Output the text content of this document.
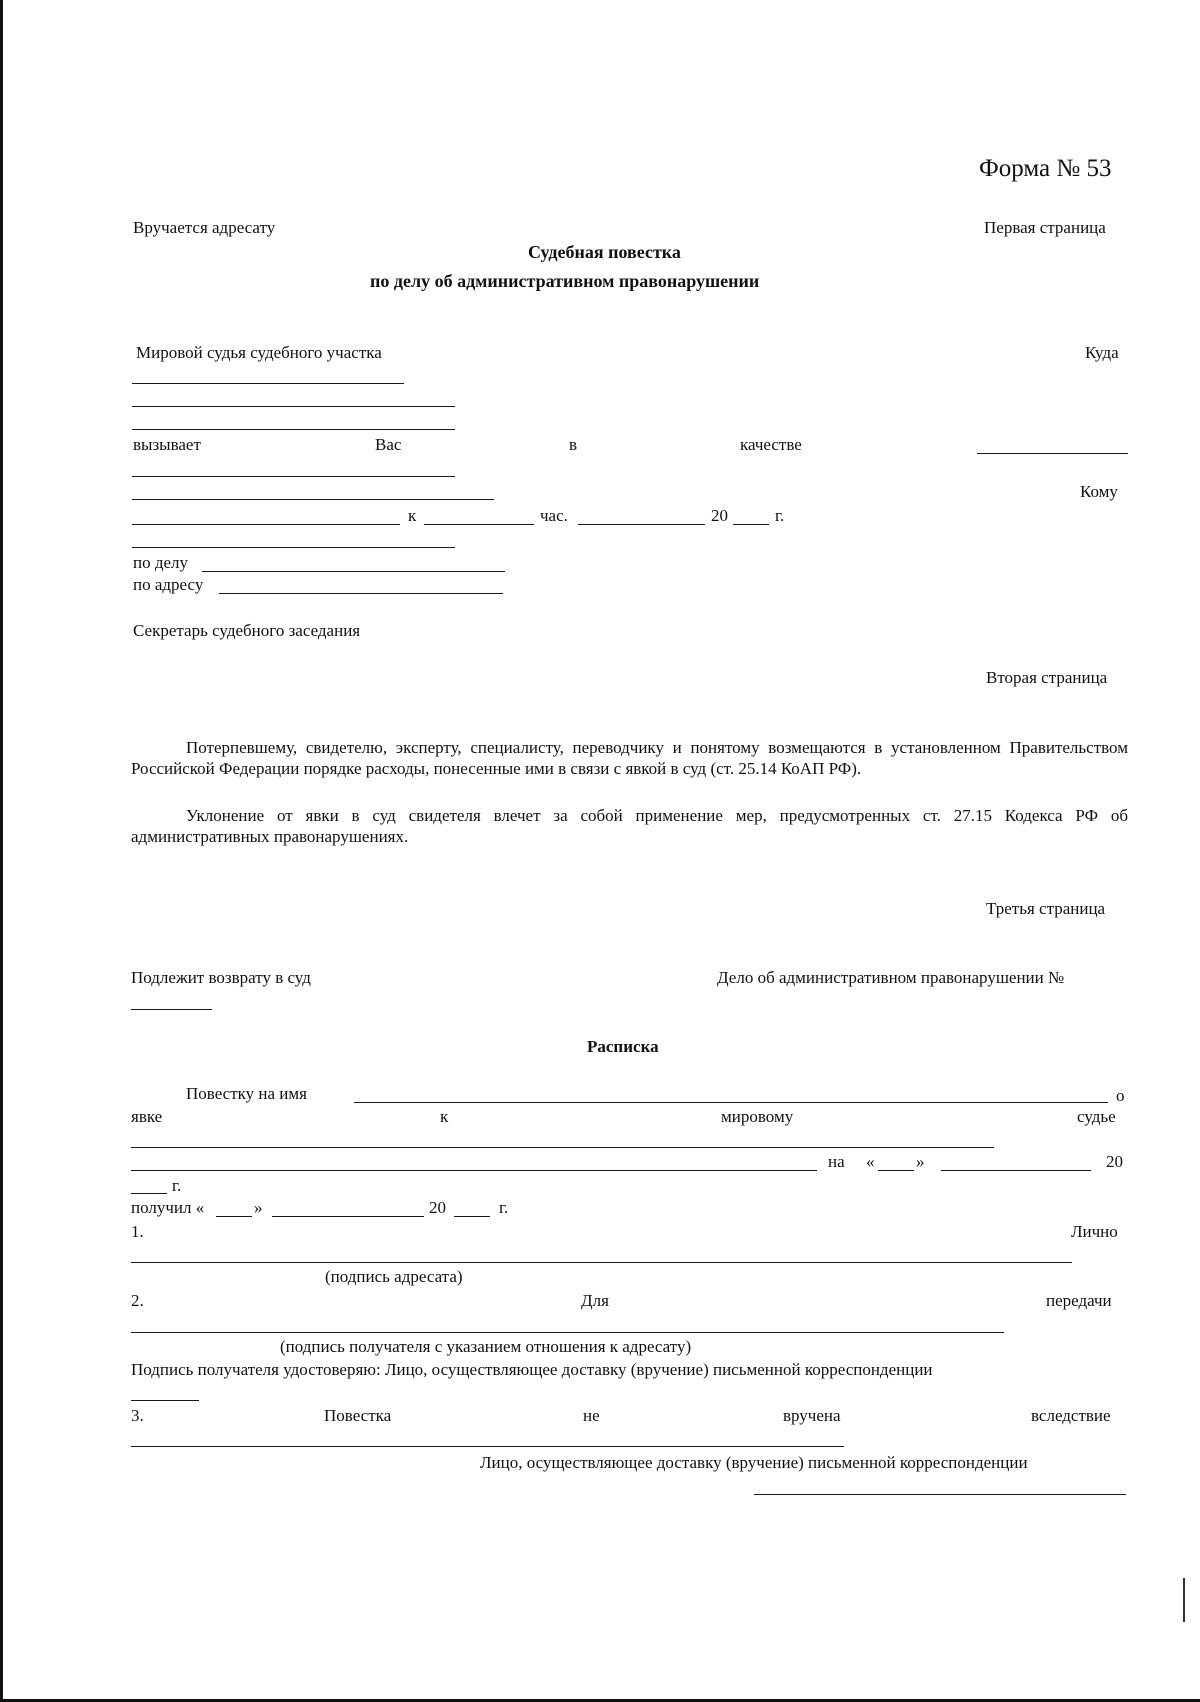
Форма № 53
Вручается адресату	Первая страница
Судебная повестка
по делу об административном правонарушении
Мировой судья судебного участка	Куда
вызывает	Вас	в	качестве
Кому
к	час.	20	г.
по делу
по адресу
Секретарь судебного заседания
Вторая страница
Потерпевшему, свидетелю, эксперту, специалисту, переводчику и понятому возмещаются в установленном Правительством Российской Федерации порядке расходы, понесенные ими в связи с явкой в суд (ст. 25.14 КоАП РФ).
Уклонение от явки в суд свидетеля влечет за собой применение мер, предусмотренных ст. 27.15 Кодекса РФ об административных правонарушениях.
Третья страница
Подлежит возврату в суд	Дело об административном правонарушении №
Расписка
Повестку на имя	о
явке	к	мировому	судье
на « »	20
г.
получил «	»	20	г.
1.	Лично
(подпись адресата)
2.	Для	передачи
(подпись получателя с указанием отношения к адресату)
Подпись получателя удостоверяю: Лицо, осуществляющее доставку (вручение) письменной корреспонденции
3.	Повестка	не	вручена	вследствие
Лицо, осуществляющее доставку (вручение) письменной корреспонденции
